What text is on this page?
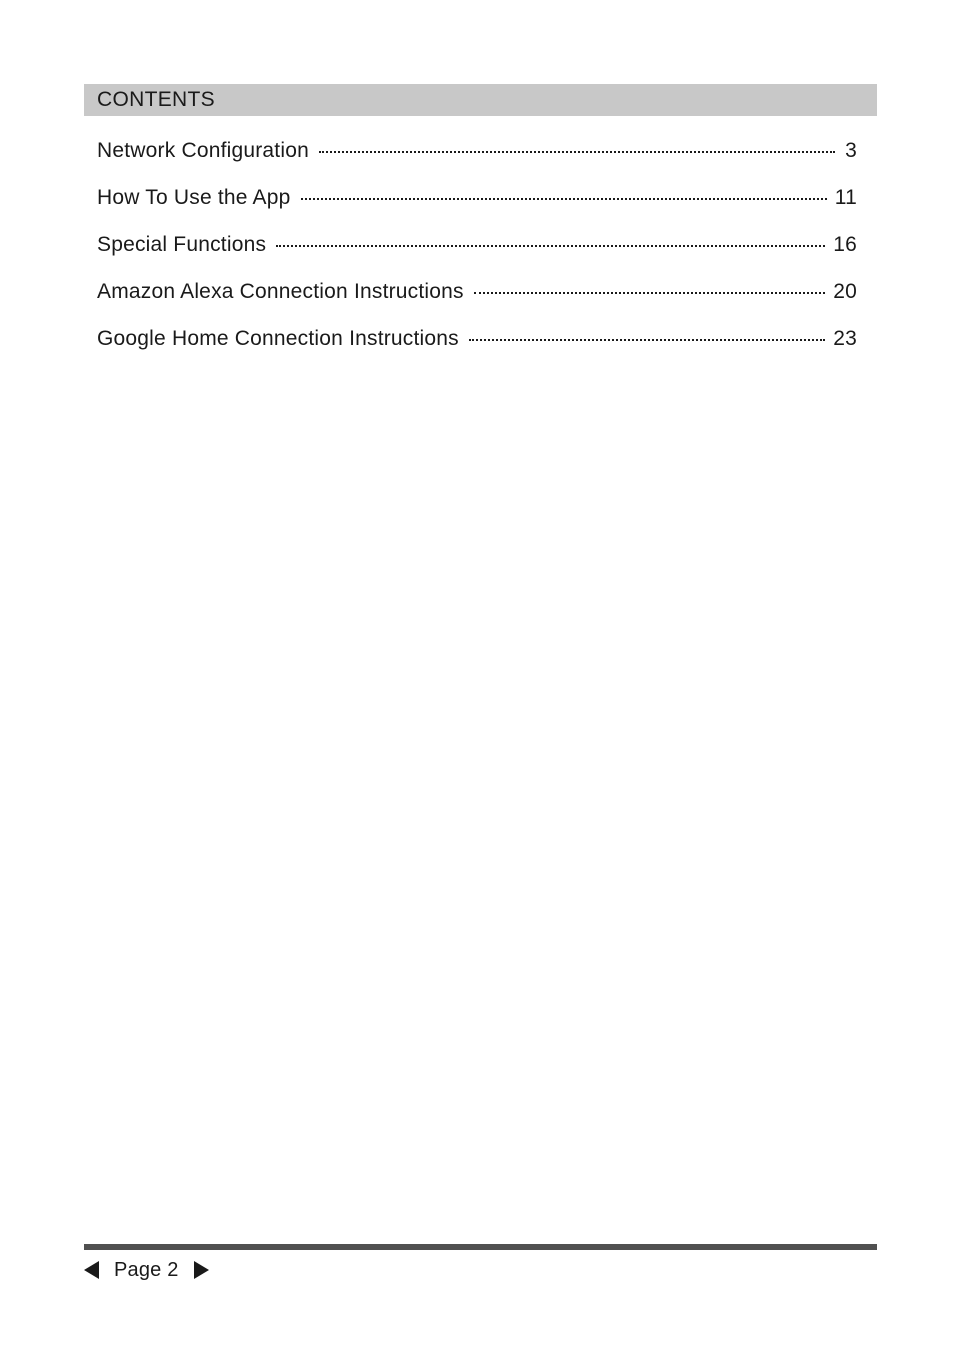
CONTENTS
Network Configuration	3
How To Use the App	11
Special Functions	16
Amazon Alexa Connection Instructions	20
Google Home Connection Instructions	23
Page 2
